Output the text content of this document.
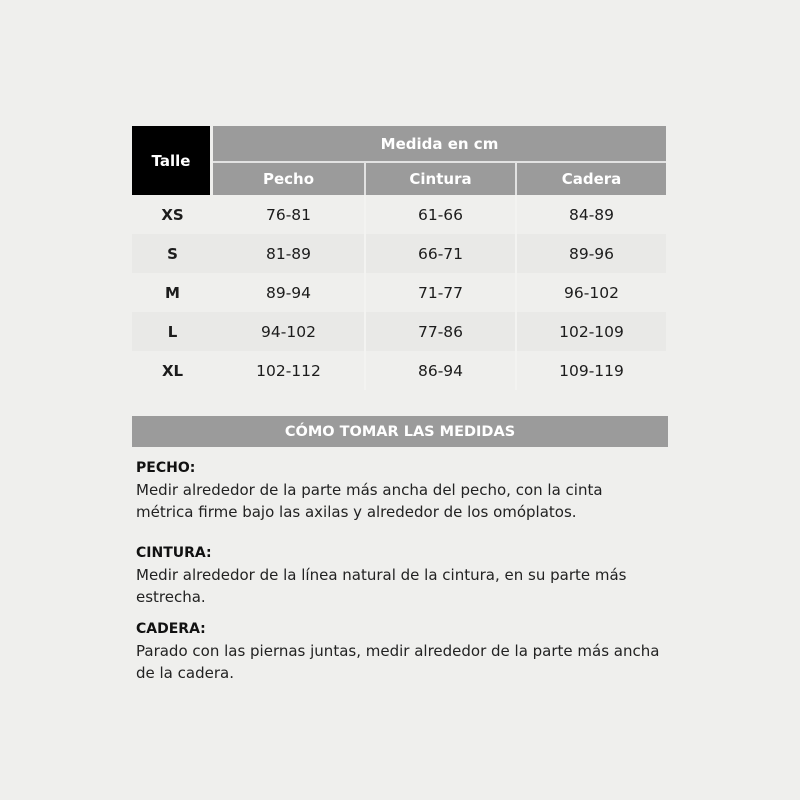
Talle		Medida en cm		
		Pecho	Cintura	Cadera
XS		76-81	61-66	84-89
S		81-89	66-71	89-96
M		89-94	71-77	96-102
L		94-102	77-86	102-109
XL		102-112	86-94	109-119
CÓMO TOMAR LAS MEDIDAS
PECHO:

Medir alrededor de la parte más ancha del pecho, con la cinta

métrica firme bajo las axilas y alrededor de los omóplatos.

CINTURA:

Medir alrededor de la línea natural de la cintura, en su parte más

estrecha.

CADERA:

Parado con las piernas juntas, medir alrededor de la parte más ancha

de la cadera.
